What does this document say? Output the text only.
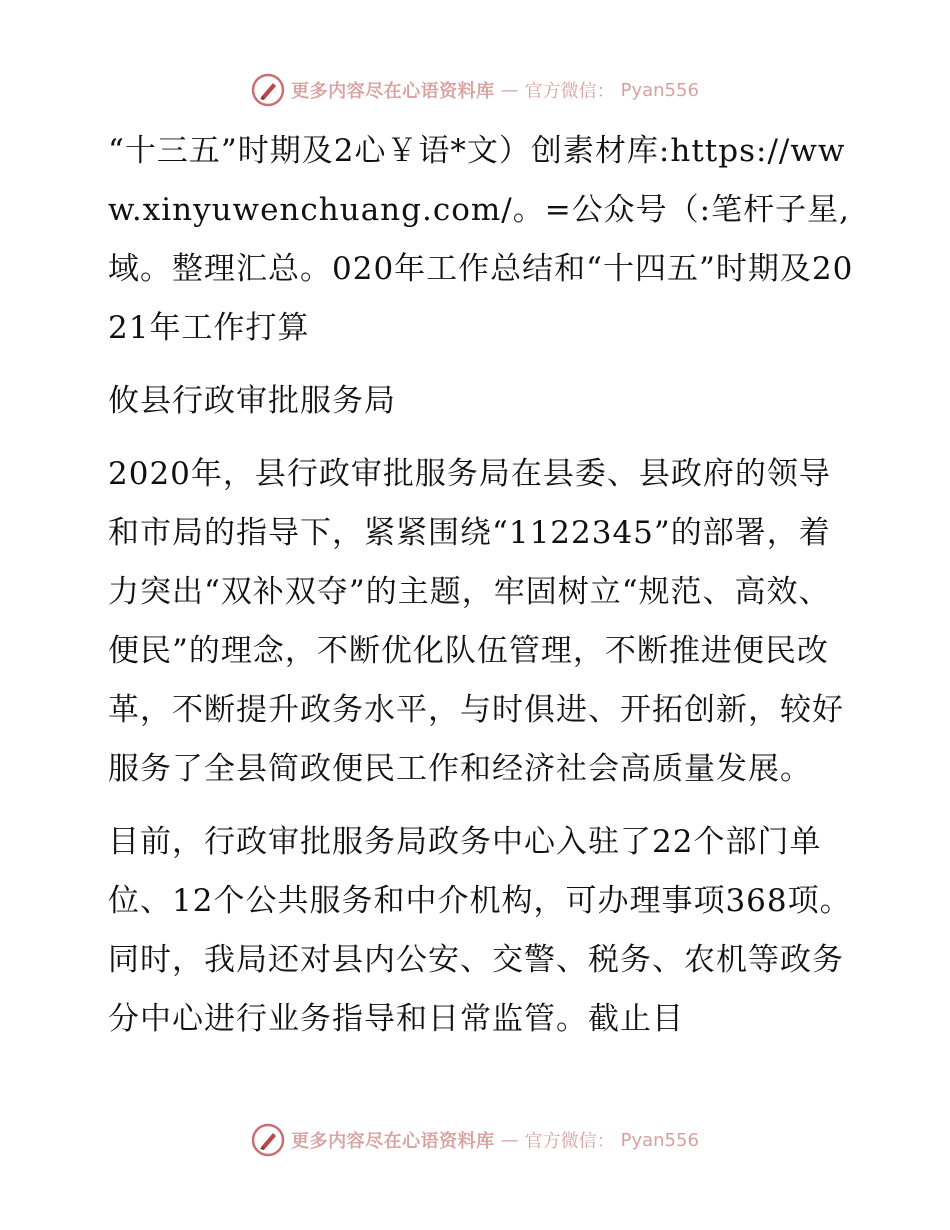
更多内容尽在心语资料库 — 官方微信： Pyan556

“十三五”时期及2心￥语*文）创素材库:https://www.xinyuwenchuang.com/。=公众号（:笔杆子星,域。整理汇总。020年工作总结和“十四五”时期及2021年工作打算

攸县行政审批服务局

2020年，县行政审批服务局在县委、县政府的领导和市局的指导下，紧紧围绕“1122345”的部署，着力突出“双补双夺”的主题，牢固树立“规范、高效、便民”的理念，不断优化队伍管理，不断推进便民改革，不断提升政务水平，与时俱进、开拓创新，较好服务了全县简政便民工作和经济社会高质量发展。

目前，行政审批服务局政务中心入驻了22个部门单位、12个公共服务和中介机构，可办理事项368项。同时，我局还对县内公安、交警、税务、农机等政务分中心进行业务指导和日常监管。截止目

更多内容尽在心语资料库 — 官方微信： Pyan556
